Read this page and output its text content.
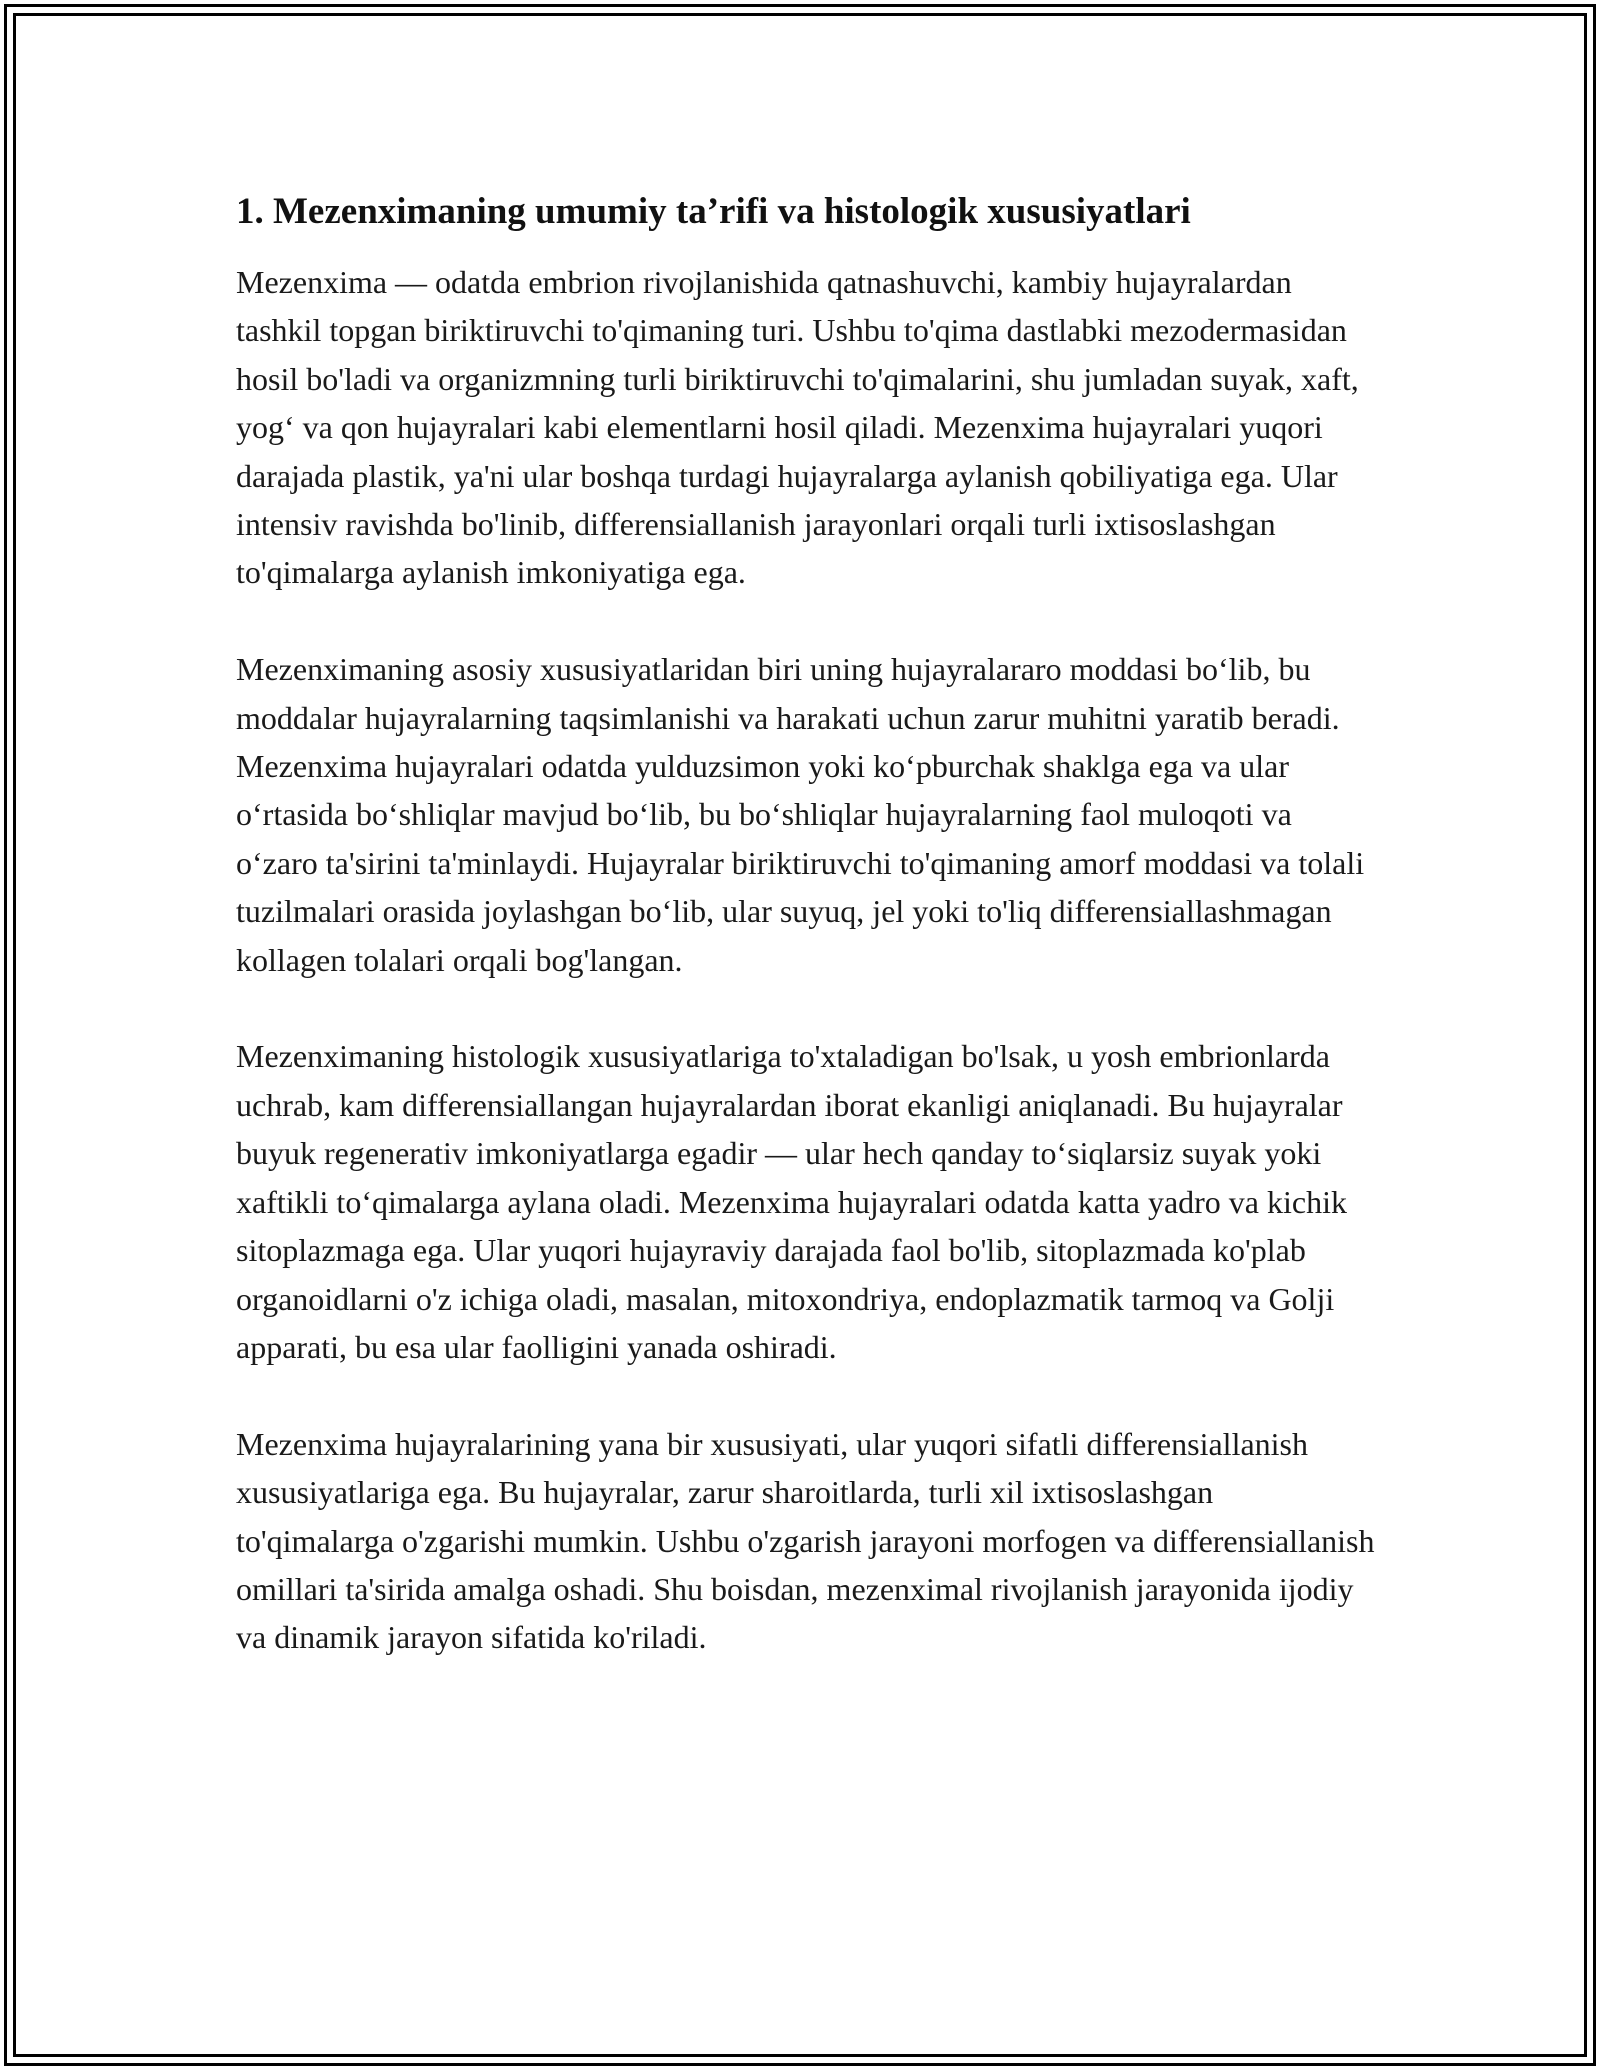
1. Mezenximaning umumiy ta’rifi va histologik xususiyatlari

Mezenxima — odatda embrion rivojlanishida qatnashuvchi, kambiy hujayralardan tashkil topgan biriktiruvchi to'qimaning turi. Ushbu to'qima dastlabki mezodermasidan hosil bo'ladi va organizmning turli biriktiruvchi to'qimalarini, shu jumladan suyak, xaft, yog‘ va qon hujayralari kabi elementlarni hosil qiladi. Mezenxima hujayralari yuqori darajada plastik, ya'ni ular boshqa turdagi hujayralarga aylanish qobiliyatiga ega. Ular intensiv ravishda bo'linib, differensiallanish jarayonlari orqali turli ixtisoslashgan to'qimalarga aylanish imkoniyatiga ega.

Mezenximaning asosiy xususiyatlaridan biri uning hujayralararo moddasi bo‘lib, bu moddalar hujayralarning taqsimlanishi va harakati uchun zarur muhitni yaratib beradi. Mezenxima hujayralari odatda yulduzsimon yoki ko‘pburchak shaklga ega va ular o‘rtasida bo‘shliqlar mavjud bo‘lib, bu bo‘shliqlar hujayralarning faol muloqoti va o‘zaro ta'sirini ta'minlaydi. Hujayralar biriktiruvchi to'qimaning amorf moddasi va tolali tuzilmalari orasida joylashgan bo‘lib, ular suyuq, jel yoki to'liq differensiallashmagan kollagen tolalari orqali bog'langan.

Mezenximaning histologik xususiyatlariga to'xtaladigan bo'lsak, u yosh embrionlarda uchrab, kam differensiallangan hujayralardan iborat ekanligi aniqlanadi. Bu hujayralar buyuk regenerativ imkoniyatlarga egadir — ular hech qanday to‘siqlarsiz suyak yoki xaftikli to‘qimalarga aylana oladi. Mezenxima hujayralari odatda katta yadro va kichik sitoplazmaga ega. Ular yuqori hujayraviy darajada faol bo'lib, sitoplazmada ko'plab organoidlarni o'z ichiga oladi, masalan, mitoxondriya, endoplazmatik tarmoq va Golji apparati, bu esa ular faolligini yanada oshiradi.

Mezenxima hujayralarining yana bir xususiyati, ular yuqori sifatli differensiallanish xususiyatlariga ega. Bu hujayralar, zarur sharoitlarda, turli xil ixtisoslashgan to'qimalarga o'zgarishi mumkin. Ushbu o'zgarish jarayoni morfogen va differensiallanish omillari ta'sirida amalga oshadi. Shu boisdan, mezenximal rivojlanish jarayonida ijodiy va dinamik jarayon sifatida ko'riladi.
